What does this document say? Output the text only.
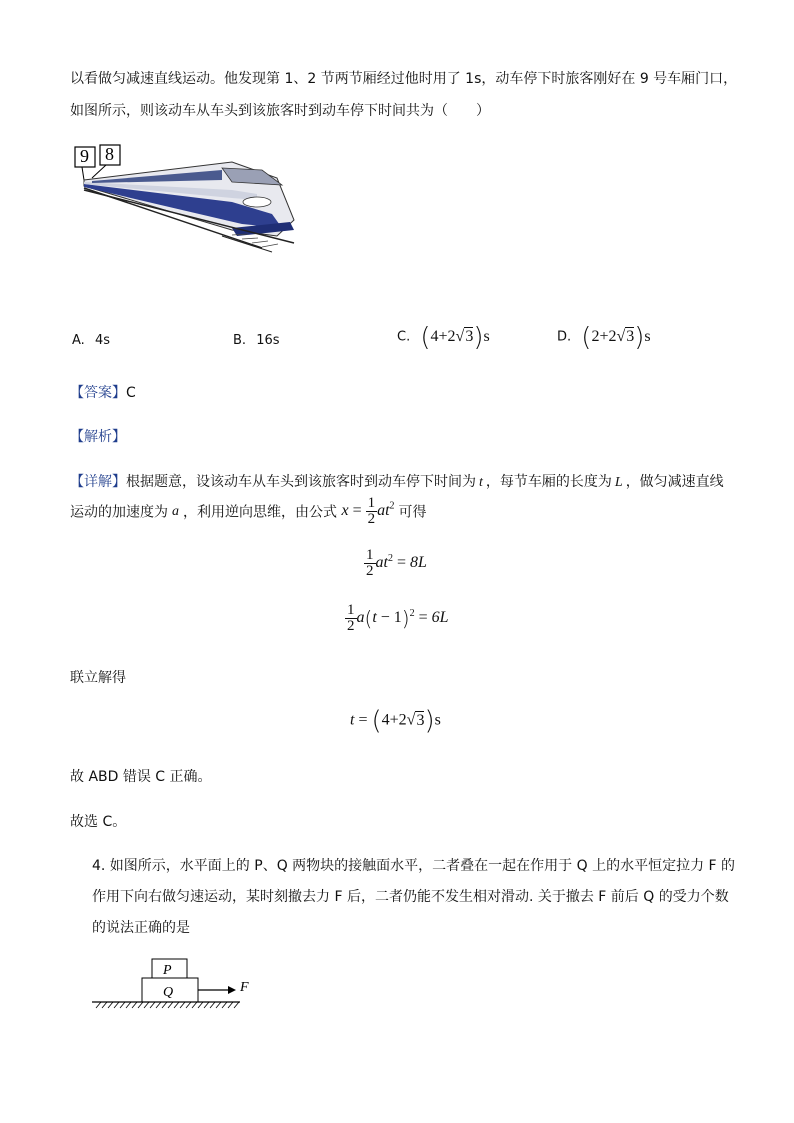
以看做匀减速直线运动。他发现第 1、2 节两节厢经过他时用了 1s，动车停下时旅客刚好在 9 号车厢门口，
如图所示，则该动车从车头到该旅客时到动车停下时间共为（　　）
9 8
A. 4s	B. 16s	C. (4+2√3)s	D. (2+2√3)s
【答案】C
【解析】
【详解】根据题意，设该动车从车头到该旅客时到动车停下时间为 t ，每节车厢的长度为 L ，做匀减速直线
运动的加速度为 a ，利用逆向思维，由公式 $x = \frac{1}{2} at^2$ 可得
$\frac{1}{2} at^2 = 8L$
$\frac{1}{2} a(t - 1)^2 = 6L$
联立解得
t = (4+2√3)s
故 ABD 错误 C 正确。
故选 C。
4. 如图所示，水平面上的 P、Q 两物块的接触面水平，二者叠在一起在作用于 Q 上的水平恒定拉力 F 的
作用下向右做匀速运动，某时刻撤去力 F 后，二者仍能不发生相对滑动. 关于撤去 F 前后 Q 的受力个数
的说法正确的是
P
Q	F
